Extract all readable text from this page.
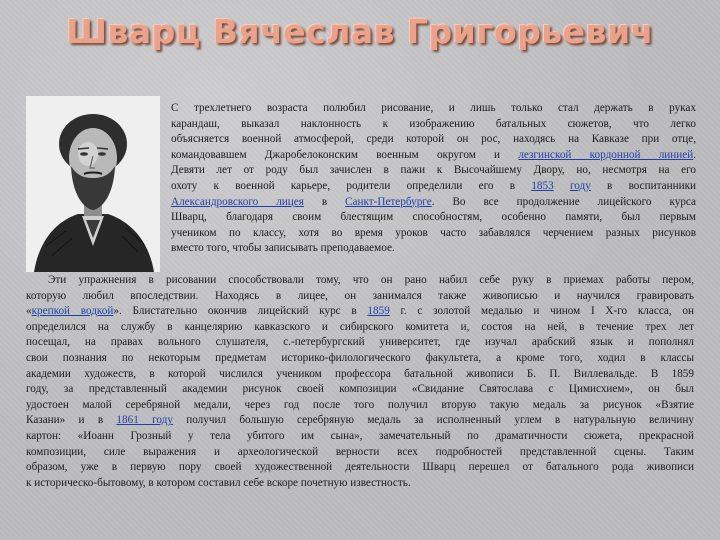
Шварц Вячеслав Григорьевич
С трехлетнего возраста полюбил рисование, и лишь только стал держать в руках
карандаш, выказал наклонность к изображению батальных сюжетов, что легко
объясняется военной атмосферой, среди которой он рос, находясь на Кавказе при отце,
командовавшем Джаробелоконским военным округом и лезгинской кордонной линией.
Девяти лет от роду был зачислен в пажи к Высочайшему Двору, но, несмотря на его
охоту к военной карьере, родители определили его в 1853 году в воспитанники
Александровского лицея в Санкт-Петербурге. Во все продолжение лицейского курса
Шварц, благодаря своим блестящим способностям, особенно памяти, был первым
учеником по классу, хотя во время уроков часто забавлялся черчением разных рисунков
вместо того, чтобы записывать преподаваемое.
Эти упражнения в рисовании способствовали тому, что он рано набил себе руку в приемах работы пером,
которую любил впоследствии. Находясь в лицее, он занимался также живописью и научился гравировать
«крепкой водкой». Блистательно окончив лицейский курс в 1859 г. с золотой медалью и чином I Х-го класса, он
определился на службу в канцелярию кавказского и сибирского комитета и, состоя на ней, в течение трех лет
посещал, на правах вольного слушателя, с.-петербургский университет, где изучал арабский язык и пополнял
свои познания по некоторым предметам историко-филологического факультета, а кроме того, ходил в классы
академии художеств, в которой числился учеником профессора батальной живописи Б. П. Виллевальде. В 1859
году, за представленный академии рисунок своей композиции «Свидание Святослава с Цимисхием», он был
удостоен малой серебряной медали, через год после того получил вторую такую медаль за рисунок «Взятие
Казани» и в 1861 году получил большую серебряную медаль за исполненный углем в натуральную величину
картон: «Иоанн Грозный у тела убитого им сына», замечательный по драматичности сюжета, прекрасной
композиции, силе выражения и археологической верности всех подробностей представленной сцены. Таким
образом, уже в первую пору своей художественной деятельности Шварц перешел от батального рода живописи
к историческо-бытовому, в котором составил себе вскоре почетную известность.
